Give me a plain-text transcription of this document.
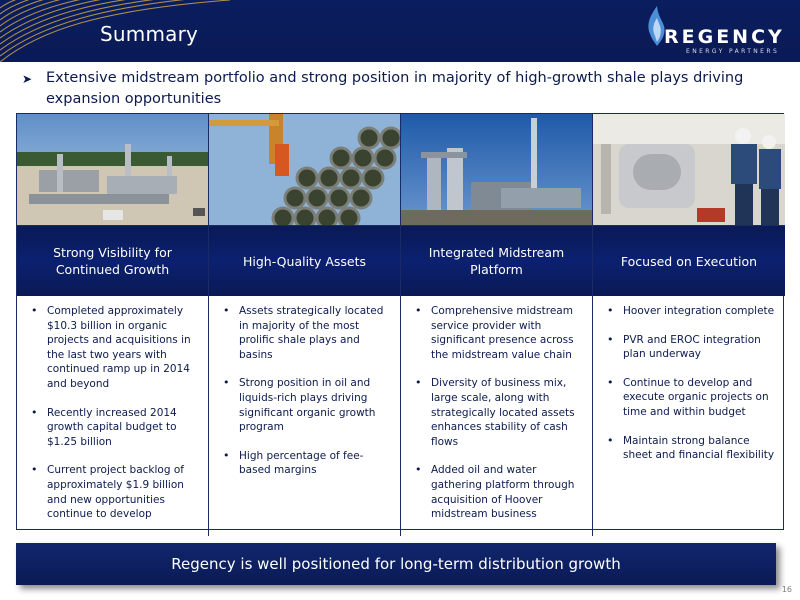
Summary	REGENCY
ENERGY PARTNERS
➤ Extensive midstream portfolio and strong position in majority of high-growth shale plays driving expansion opportunities
Strong Visibility for Continued Growth
• Completed approximately $10.3 billion in organic projects and acquisitions in the last two years with continued ramp up in 2014 and beyond
• Recently increased 2014 growth capital budget to $1.25 billion
• Current project backlog of approximately $1.9 billion and new opportunities continue to develop
High-Quality Assets
• Assets strategically located in majority of the most prolific shale plays and basins
• Strong position in oil and liquids-rich plays driving significant organic growth program
• High percentage of fee-based margins
Integrated Midstream Platform
• Comprehensive midstream service provider with significant presence across the midstream value chain
• Diversity of business mix, large scale, along with strategically located assets enhances stability of cash flows
• Added oil and water gathering platform through acquisition of Hoover midstream business
Focused on Execution
• Hoover integration complete
• PVR and EROC integration plan underway
• Continue to develop and execute organic projects on time and within budget
• Maintain strong balance sheet and financial flexibility
Regency is well positioned for long-term distribution growth
16
